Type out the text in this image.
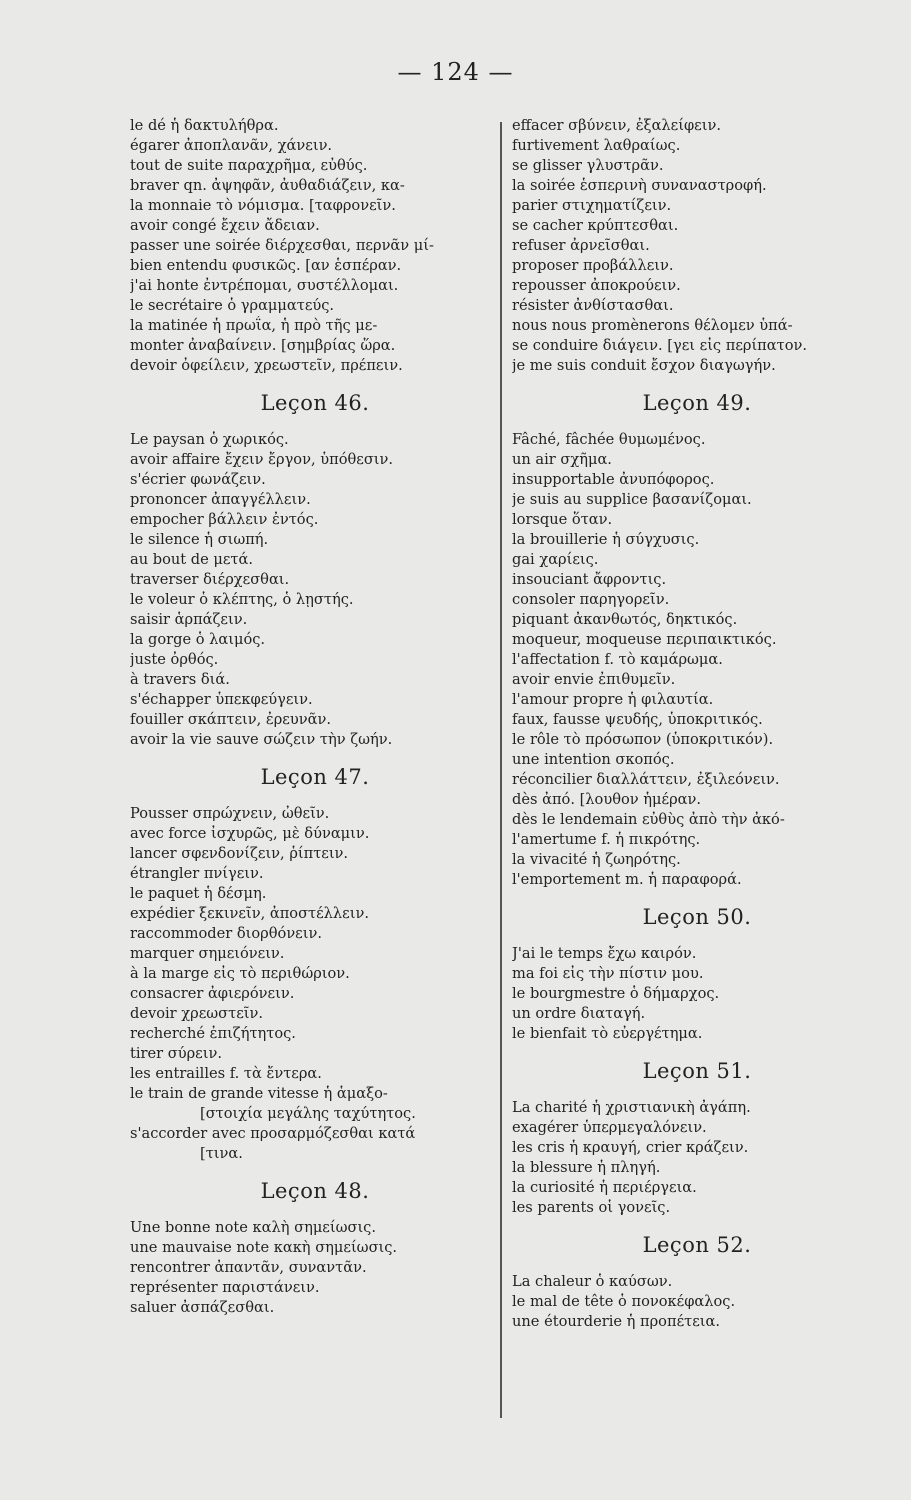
— 124 —
le dé ἡ δακτυλήθρα.
égarer ἀποπλανᾶν, χάνειν.
tout de suite παραχρῆμα, εὐθύς.
braver qn. ἀψηφᾶν, ἀυθαδιάζειν, κα-
la monnaie τὸ νόμισμα. [ταφρονεῖν.
avoir congé ἔχειν ἄδειαν.
passer une soirée διέρχεσθαι, περνᾶν μί-
bien entendu φυσικῶς. [αν ἑσπέραν.
j'ai honte ἐντρέπομαι, συστέλλομαι.
le secrétaire ὁ γραμματεύς.
la matinée ἡ πρωΐα, ἡ πρὸ τῆς με-
monter ἀναβαίνειν. [σημβρίας ὥρα.
devoir ὀφείλειν, χρεωστεῖν, πρέπειν.
Leçon 46.
Le paysan ὁ χωρικός.
avoir affaire ἔχειν ἔργον, ὑπόθεσιν.
s'écrier φωνάζειν.
prononcer ἀπαγγέλλειν.
empocher βάλλειν ἐντός.
le silence ἡ σιωπή.
au bout de μετά.
traverser διέρχεσθαι.
le voleur ὁ κλέπτης, ὁ λῃστής.
saisir ἁρπάζειν.
la gorge ὁ λαιμός.
juste ὀρθός.
à travers διά.
s'échapper ὑπεκφεύγειν.
fouiller σκάπτειν, ἐρευνᾶν.
avoir la vie sauve σώζειν τὴν ζωήν.
Leçon 47.
Pousser σπρώχνειν, ὠθεῖν.
avec force ἰσχυρῶς, μὲ δύναμιν.
lancer σφενδονίζειν, ῥίπτειν.
étrangler πνίγειν.
le paquet ἡ δέσμη.
expédier ξεκινεῖν, ἀποστέλλειν.
raccommoder διορθόνειν.
marquer σημειόνειν.
à la marge εἰς τὸ περιθώριον.
consacrer ἀφιερόνειν.
devoir χρεωστεῖν.
recherché ἐπιζήτητος.
tirer σύρειν.
les entrailles f. τὰ ἔντερα.
le train de grande vitesse ἡ ἁμαξο-
[στοιχία μεγάλης ταχύτητος.
s'accorder avec προσαρμόζεσθαι κατά
[τινα.
Leçon 48.
Une bonne note καλὴ σημείωσις.
une mauvaise note κακὴ σημείωσις.
rencontrer ἀπαντᾶν, συναντᾶν.
représenter παριστάνειν.
saluer ἀσπάζεσθαι.
effacer σβύνειν, ἐξαλείφειν.
furtivement λαθραίως.
se glisser γλυστρᾶν.
la soirée ἑσπερινὴ συναναστροφή.
parier στιχηματίζειν.
se cacher κρύπτεσθαι.
refuser ἀρνεῖσθαι.
proposer προβάλλειν.
repousser ἀποκρούειν.
résister ἀνθίστασθαι.
nous nous promènerons θέλομεν ὑπά-
se conduire διάγειν. [γει εἰς περίπατον.
je me suis conduit ἔσχον διαγωγήν.
Leçon 49.
Fâché, fâchée θυμωμένος.
un air σχῆμα.
insupportable ἀνυπόφορος.
je suis au supplice βασανίζομαι.
lorsque ὅταν.
la brouillerie ἡ σύγχυσις.
gai χαρίεις.
insouciant ἄφροντις.
consoler παρηγορεῖν.
piquant ἀκανθωτός, δηκτικός.
moqueur, moqueuse περιπαικτικός.
l'affectation f. τὸ καμάρωμα.
avoir envie ἐπιθυμεῖν.
l'amour propre ἡ φιλαυτία.
faux, fausse ψευδής, ὑποκριτικός.
le rôle τὸ πρόσωπον (ὑποκριτικόν).
une intention σκοπός.
réconcilier διαλλάττειν, ἐξιλεόνειν.
dès ἀπό. [λουθον ἡμέραν.
dès le lendemain εὐθὺς ἀπὸ τὴν ἀκό-
l'amertume f. ἡ πικρότης.
la vivacité ἡ ζωηρότης.
l'emportement m. ἡ παραφορά.
Leçon 50.
J'ai le temps ἔχω καιρόν.
ma foi εἰς τὴν πίστιν μου.
le bourgmestre ὁ δήμαρχος.
un ordre διαταγή.
le bienfait τὸ εὐεργέτημα.
Leçon 51.
La charité ἡ χριστιανικὴ ἀγάπη.
exagérer ὑπερμεγαλόνειν.
les cris ἡ κραυγή, crier κράζειν.
la blessure ἡ πληγή.
la curiosité ἡ περιέργεια.
les parents οἱ γονεῖς.
Leçon 52.
La chaleur ὁ καύσων.
le mal de tête ὁ πονοκέφαλος.
une étourderie ἡ προπέτεια.
